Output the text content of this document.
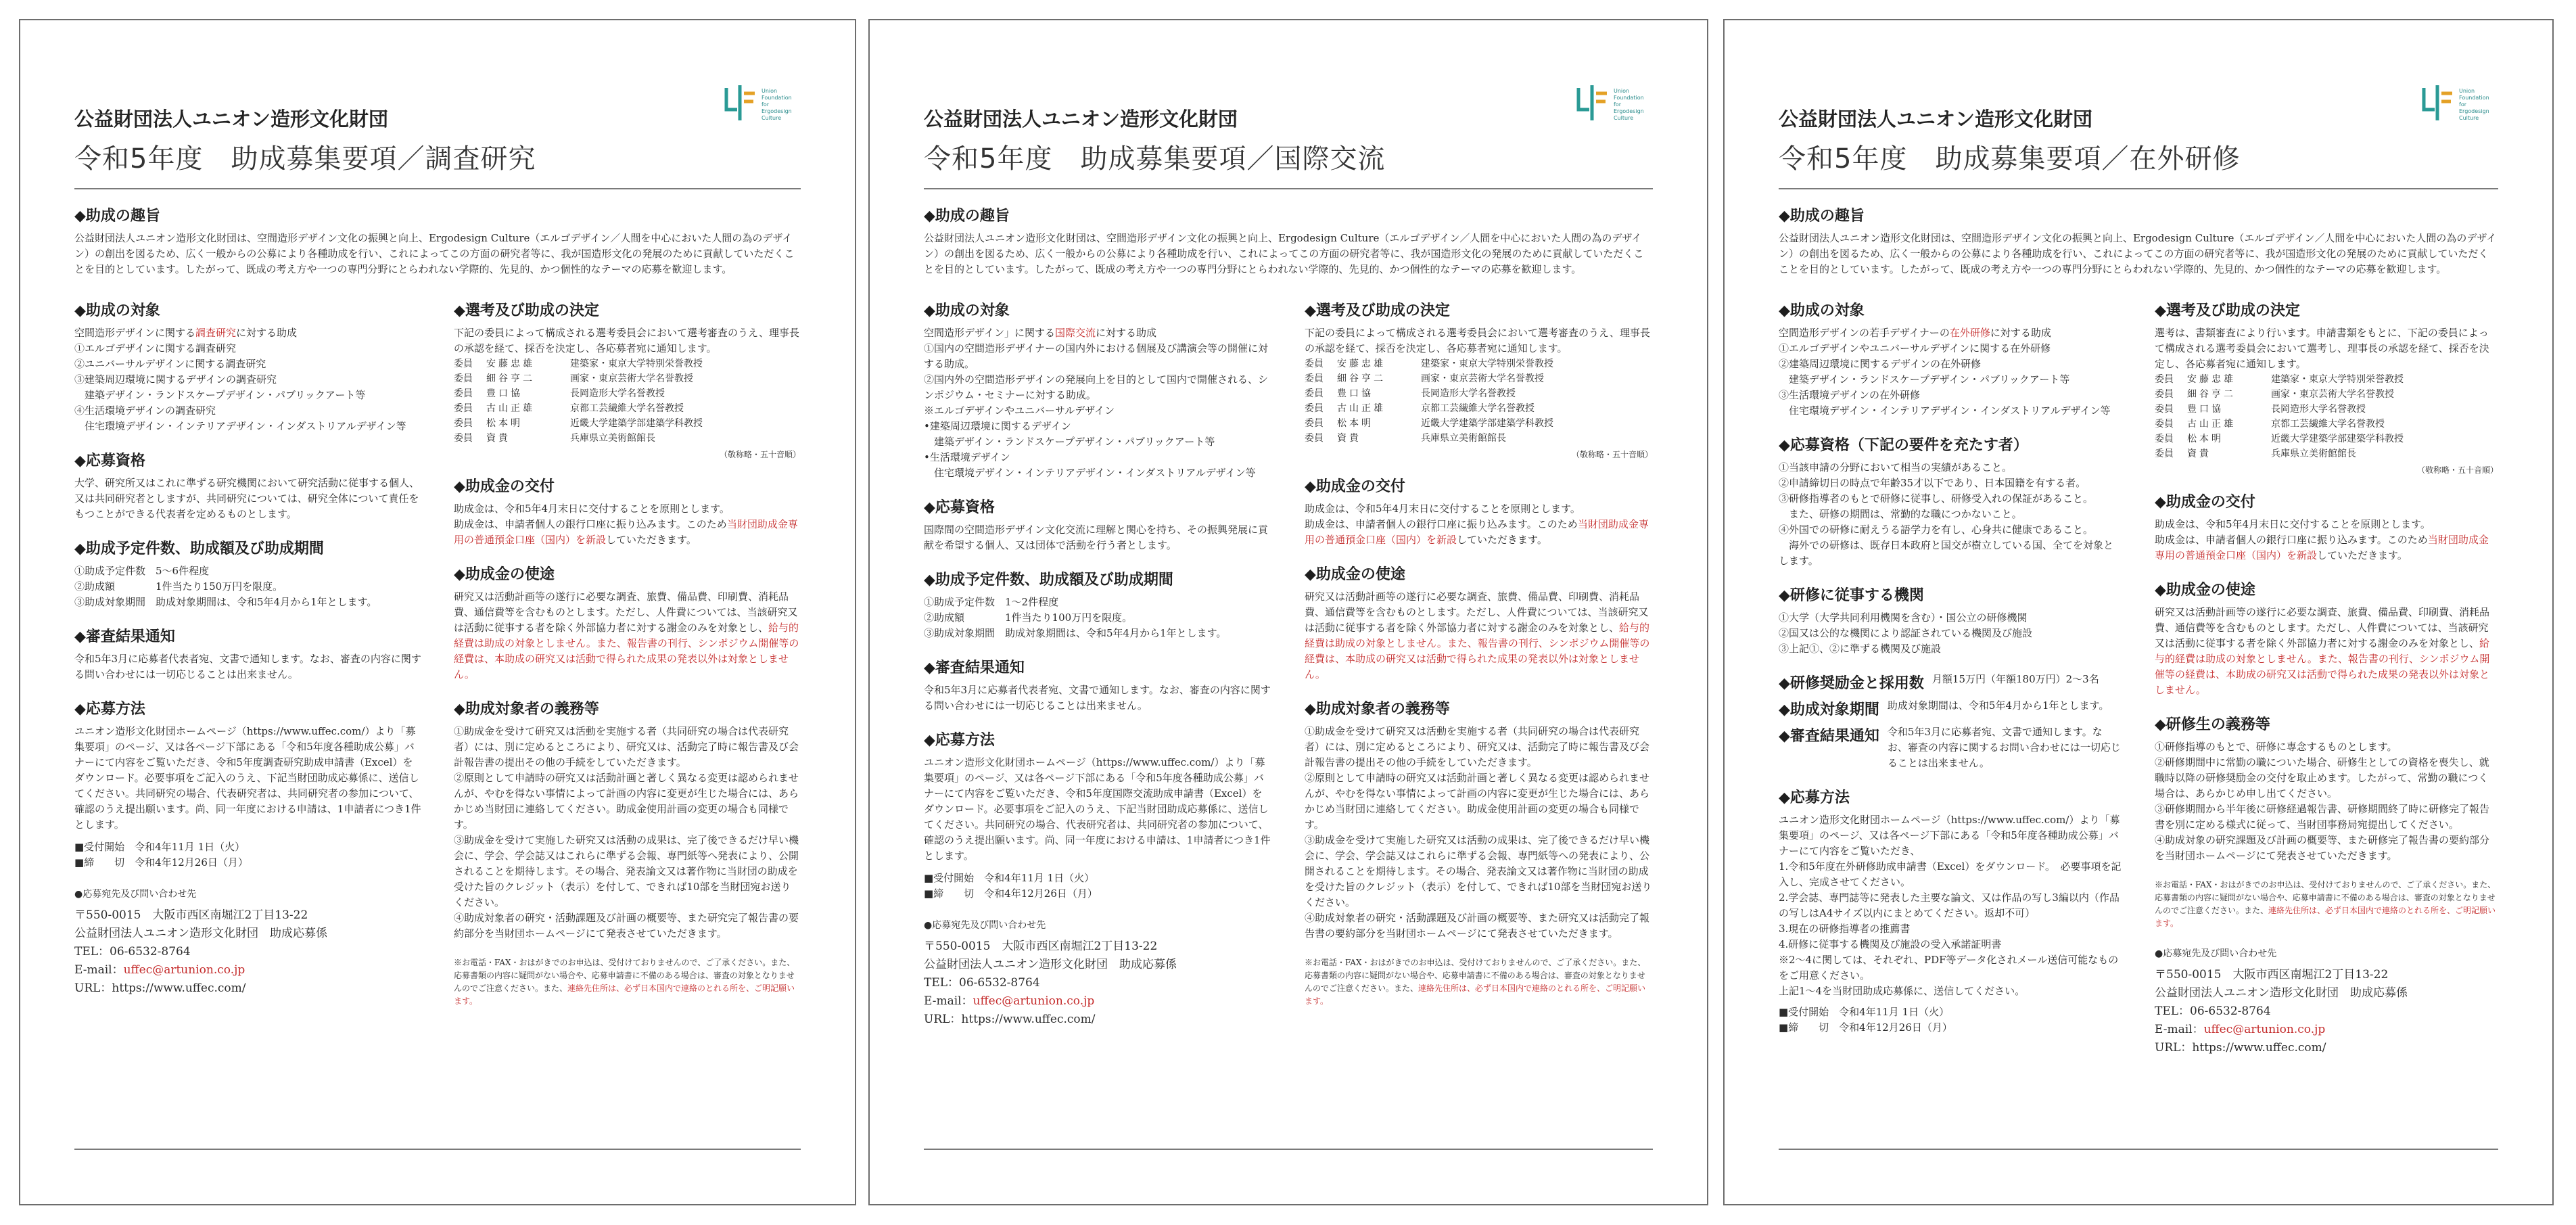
Union
Foundation
for
Ergodesign
Culture
公益財団法人ユニオン造形文化財団
令和5年度　助成募集要項／調査研究
◆助成の趣旨

公益財団法人ユニオン造形文化財団は、空間造形デザイン文化の振興と向上、Ergodesign Culture（エルゴデザイン／人間を中心においた人間の為のデザイン）の創出を図るため、広く一般からの公募により各種助成を行い、これによってこの方面の研究者等に、我が国造形文化の発展のために貢献していただくことを目的としています。したがって、既成の考え方や一つの専門分野にとらわれない学際的、先見的、かつ個性的なテーマの応募を歓迎します。

◆助成の対象

空間造形デザインに関する調査研究に対する助成

①エルゴデザインに関する調査研究
②ユニバーサルデザインに関する調査研究
③建築周辺環境に関するデザインの調査研究
　建築デザイン・ランドスケープデザイン・パブリックアート等
④生活環境デザインの調査研究
　住宅環境デザイン・インテリアデザイン・インダストリアルデザイン等
◆応募資格

大学、研究所又はこれに準ずる研究機関において研究活動に従事する個人、又は共同研究者としますが、共同研究については、研究全体について責任をもつことができる代表者を定めるものとします。

◆助成予定件数、助成額及び助成期間
①助成予定件数　5〜6件程度
②助成額　　　　1件当たり150万円を限度。
③助成対象期間　助成対象期間は、令和5年4月から1年とします。
◆審査結果通知

令和5年3月に応募者代表者宛、文書で通知します。なお、審査の内容に関する問い合わせには一切応じることは出来ません。

◆応募方法

ユニオン造形文化財団ホームページ（https://www.uffec.com/）より「募集要項」のページ、又は各ページ下部にある「令和5年度各種助成公募」バナーにて内容をご覧いただき、令和5年度調査研究助成申請書（Excel）をダウンロード。必要事項をご記入のうえ、下記当財団助成応募係に、送信してください。共同研究の場合、代表研究者は、共同研究者の参加について、確認のうえ提出願います。尚、同一年度における申請は、1申請者につき1件とします。

■受付開始　令和4年11月 1日（火）

■締　　切　令和4年12月26日（月）

●応募宛先及び問い合わせ先

〒550-0015　大阪市西区南堀江2丁目13-22

公益財団法人ユニオン造形文化財団　助成応募係

TEL：06-6532-8764

E-mail：uffec@artunion.co.jp

URL：https://www.uffec.com/

◆選考及び助成の決定

下記の委員によって構成される選考委員会において選考審査のうえ、理事長の承認を経て、採否を決定し、各応募者宛に通知します。

委員	安藤忠雄	建築家・東京大学特別栄誉教授
委員	細谷亨二	画家・東京芸術大学名誉教授
委員	豊口協	長岡造形大学名誉教授
委員	古山正雄	京都工芸繊維大学名誉教授
委員	松本明	近畿大学建築学部建築学科教授
委員	資貴	兵庫県立美術館館長
（敬称略・五十音順）
◆助成金の交付

助成金は、令和5年4月末日に交付することを原則とします。

助成金は、申請者個人の銀行口座に振り込みます。このため当財団助成金専用の普通預金口座（国内）を新設していただきます。

◆助成金の使途

研究又は活動計画等の遂行に必要な調査、旅費、備品費、印刷費、消耗品費、通信費等を含むものとします。ただし、人件費については、当該研究又は活動に従事する者を除く外部協力者に対する謝金のみを対象とし、給与的経費は助成の対象としません。また、報告書の刊行、シンポジウム開催等の経費は、本助成の研究又は活動で得られた成果の発表以外は対象としません。

◆助成対象者の義務等
①助成金を受けて研究又は活動を実施する者（共同研究の場合は代表研究者）には、別に定めるところにより、研究又は、活動完了時に報告書及び会計報告書の提出その他の手続をしていただきます。
②原則として申請時の研究又は活動計画と著しく異なる変更は認められませんが、やむを得ない事情によって計画の内容に変更が生じた場合には、あらかじめ当財団に連絡してください。助成金使用計画の変更の場合も同様です。
③助成金を受けて実施した研究又は活動の成果は、完了後できるだけ早い機会に、学会、学会誌又はこれらに準ずる会報、専門紙等へ発表により、公開されることを期待します。その場合、発表論文又は著作物に当財団の助成を受けた旨のクレジット（表示）を付して、できれば10部を当財団宛お送りください。
④助成対象者の研究・活動課題及び計画の概要等、また研究完了報告書の要約部分を当財団ホームページにて発表させていただきます。
※お電話・FAX・おはがきでのお申込は、受付けておりませんので、ご了承ください。また、応募書類の内容に疑問がない場合や、応募申請書に不備のある場合は、審査の対象となりませんのでご注意ください。また、連絡先住所は、必ず日本国内で連絡のとれる所を、ご明記願います。
Union
Foundation
for
Ergodesign
Culture
公益財団法人ユニオン造形文化財団
令和5年度　助成募集要項／国際交流
◆助成の趣旨

公益財団法人ユニオン造形文化財団は、空間造形デザイン文化の振興と向上、Ergodesign Culture（エルゴデザイン／人間を中心においた人間の為のデザイン）の創出を図るため、広く一般からの公募により各種助成を行い、これによってこの方面の研究者等に、我が国造形文化の発展のために貢献していただくことを目的としています。したがって、既成の考え方や一つの専門分野にとらわれない学際的、先見的、かつ個性的なテーマの応募を歓迎します。

◆助成の対象

空間造形デザイン」に関する国際交流に対する助成

①国内の空間造形デザイナーの国内外における個展及び講演会等の開催に対する助成。
②国内外の空間造形デザインの発展向上を目的として国内で開催される、シンポジウム・セミナーに対する助成。
※エルゴデザインやユニバーサルデザイン
•建築周辺環境に関するデザイン
　建築デザイン・ランドスケープデザイン・パブリックアート等
•生活環境デザイン
　住宅環境デザイン・インテリアデザイン・インダストリアルデザイン等
◆応募資格

国際間の空間造形デザイン文化交流に理解と関心を持ち、その振興発展に貢献を希望する個人、又は団体で活動を行う者とします。

◆助成予定件数、助成額及び助成期間
①助成予定件数　1〜2件程度
②助成額　　　　1件当たり100万円を限度。
③助成対象期間　助成対象期間は、令和5年4月から1年とします。
◆審査結果通知

令和5年3月に応募者代表者宛、文書で通知します。なお、審査の内容に関する問い合わせには一切応じることは出来ません。

◆応募方法

ユニオン造形文化財団ホームページ（https://www.uffec.com/）より「募集要項」のページ、又は各ページ下部にある「令和5年度各種助成公募」バナーにて内容をご覧いただき、令和5年度国際交流助成申請書（Excel）をダウンロード。必要事項をご記入のうえ、下記当財団助成応募係に、送信してください。共同研究の場合、代表研究者は、共同研究者の参加について、確認のうえ提出願います。尚、同一年度における申請は、1申請者につき1件とします。

■受付開始　令和4年11月 1日（火）

■締　　切　令和4年12月26日（月）

●応募宛先及び問い合わせ先

〒550-0015　大阪市西区南堀江2丁目13-22

公益財団法人ユニオン造形文化財団　助成応募係

TEL：06-6532-8764

E-mail：uffec@artunion.co.jp

URL：https://www.uffec.com/

◆選考及び助成の決定

下記の委員によって構成される選考委員会において選考審査のうえ、理事長の承認を経て、採否を決定し、各応募者宛に通知します。

委員	安藤忠雄	建築家・東京大学特別栄誉教授
委員	細谷亨二	画家・東京芸術大学名誉教授
委員	豊口協	長岡造形大学名誉教授
委員	古山正雄	京都工芸繊維大学名誉教授
委員	松本明	近畿大学建築学部建築学科教授
委員	資貴	兵庫県立美術館館長
（敬称略・五十音順）
◆助成金の交付

助成金は、令和5年4月末日に交付することを原則とします。

助成金は、申請者個人の銀行口座に振り込みます。このため当財団助成金専用の普通預金口座（国内）を新設していただきます。

◆助成金の使途

研究又は活動計画等の遂行に必要な調査、旅費、備品費、印刷費、消耗品費、通信費等を含むものとします。ただし、人件費については、当該研究又は活動に従事する者を除く外部協力者に対する謝金のみを対象とし、給与的経費は助成の対象としません。また、報告書の刊行、シンポジウム開催等の経費は、本助成の研究又は活動で得られた成果の発表以外は対象としません。

◆助成対象者の義務等
①助成金を受けて研究又は活動を実施する者（共同研究の場合は代表研究者）には、別に定めるところにより、研究又は、活動完了時に報告書及び会計報告書の提出その他の手続をしていただきます。
②原則として申請時の研究又は活動計画と著しく異なる変更は認められませんが、やむを得ない事情によって計画の内容に変更が生じた場合には、あらかじめ当財団に連絡してください。助成金使用計画の変更の場合も同様です。
③助成金を受けて実施した研究又は活動の成果は、完了後できるだけ早い機会に、学会、学会誌又はこれらに準ずる会報、専門紙等への発表により、公開されることを期待します。その場合、発表論文又は著作物に当財団の助成を受けた旨のクレジット（表示）を付して、できれば10部を当財団宛お送りください。
④助成対象者の研究・活動課題及び計画の概要等、また研究又は活動完了報告書の要約部分を当財団ホームページにて発表させていただきます。
※お電話・FAX・おはがきでのお申込は、受付けておりませんので、ご了承ください。また、応募書類の内容に疑問がない場合や、応募申請書に不備のある場合は、審査の対象となりませんのでご注意ください。また、連絡先住所は、必ず日本国内で連絡のとれる所を、ご明記願います。
Union
Foundation
for
Ergodesign
Culture
公益財団法人ユニオン造形文化財団
令和5年度　助成募集要項／在外研修
◆助成の趣旨

公益財団法人ユニオン造形文化財団は、空間造形デザイン文化の振興と向上、Ergodesign Culture（エルゴデザイン／人間を中心においた人間の為のデザイン）の創出を図るため、広く一般からの公募により各種助成を行い、これによってこの方面の研究者等に、我が国造形文化の発展のために貢献していただくことを目的としています。したがって、既成の考え方や一つの専門分野にとらわれない学際的、先見的、かつ個性的なテーマの応募を歓迎します。

◆助成の対象

空間造形デザインの若手デザイナーの在外研修に対する助成

①エルゴデザインやユニバーサルデザインに関する在外研修
②建築周辺環境に関するデザインの在外研修
　建築デザイン・ランドスケープデザイン・パブリックアート等
③生活環境デザインの在外研修
　住宅環境デザイン・インテリアデザイン・インダストリアルデザイン等
◆応募資格（下記の要件を充たす者）
①当該申請の分野において相当の実績があること。
②申請締切日の時点で年齢35才以下であり、日本国籍を有する者。
③研修指導者のもとで研修に従事し、研修受入れの保証があること。
　また、研修の期間は、常勤的な職につかないこと。
④外国での研修に耐えうる語学力を有し、心身共に健康であること。
　海外での研修は、既存日本政府と国交が樹立している国、全てを対象とします。
◆研修に従事する機関
①大学（大学共同利用機関を含む）・国公立の研修機関
②国又は公的な機関により認証されている機関及び施設
③上記①、②に準ずる機関及び施設
◆研修奨励金と採用数 月額15万円（年額180万円）2〜3名

◆助成対象期間 助成対象期間は、令和5年4月から1年とします。

◆審査結果通知 令和5年3月に応募者宛、文書で通知します。なお、審査の内容に関するお問い合わせには一切応じることは出来ません。

◆応募方法

ユニオン造形文化財団ホームページ（https://www.uffec.com/）より「募集要項」のページ、又は各ページ下部にある「令和5年度各種助成公募」バナーにて内容をご覧いただき、

1.令和5年度在外研修助成申請書（Excel）をダウンロード。　必要事項を記入し、完成させてください。
2.学会誌、専門誌等に発表した主要な論文、又は作品の写し3編以内（作品の写しはA4サイズ以内にまとめてください。返却不可）
3.現在の研修指導者の推薦書
4.研修に従事する機関及び施設の受入承諾証明書
※2〜4に関しては、それぞれ、PDF等データ化されメール送信可能なものをご用意ください。
上記1〜4を当財団助成応募係に、送信してください。

■受付開始　令和4年11月 1日（火）

■締　　切　令和4年12月26日（月）

◆選考及び助成の決定

選考は、書類審査により行います。申請書類をもとに、下記の委員によって構成される選考委員会において選考し、理事長の承認を経て、採否を決定し、各応募者宛に通知します。

委員	安藤忠雄	建築家・東京大学特別栄誉教授
委員	細谷亨二	画家・東京芸術大学名誉教授
委員	豊口協	長岡造形大学名誉教授
委員	古山正雄	京都工芸繊維大学名誉教授
委員	松本明	近畿大学建築学部建築学科教授
委員	資貴	兵庫県立美術館館長
（敬称略・五十音順）
◆助成金の交付

助成金は、令和5年4月末日に交付することを原則とします。

助成金は、申請者個人の銀行口座に振り込みます。このため当財団助成金専用の普通預金口座（国内）を新設していただきます。

◆助成金の使途

研究又は活動計画等の遂行に必要な調査、旅費、備品費、印刷費、消耗品費、通信費等を含むものとします。ただし、人件費については、当該研究又は活動に従事する者を除く外部協力者に対する謝金のみを対象とし、給与的経費は助成の対象としません。また、報告書の刊行、シンポジウム開催等の経費は、本助成の研究又は活動で得られた成果の発表以外は対象としません。

◆研修生の義務等
①研修指導のもとで、研修に専念するものとします。
②研修期間中に常勤の職についた場合、研修生としての資格を喪失し、就職時以降の研修奨励金の交付を取止めます。したがって、常勤の職につく場合は、あらかじめ申し出てください。
③研修期間から半年後に研修経過報告書、研修期間終了時に研修完了報告書を別に定める様式に従って、当財団事務局宛提出してください。
④助成対象の研究課題及び計画の概要等、また研修完了報告書の要約部分を当財団ホームページにて発表させていただきます。
※お電話・FAX・おはがきでのお申込は、受付けておりませんので、ご了承ください。また、応募書類の内容に疑問がない場合や、応募申請書に不備のある場合は、審査の対象となりませんのでご注意ください。また、連絡先住所は、必ず日本国内で連絡のとれる所を、ご明記願います。

●応募宛先及び問い合わせ先

〒550-0015　大阪市西区南堀江2丁目13-22

公益財団法人ユニオン造形文化財団　助成応募係

TEL：06-6532-8764

E-mail：uffec@artunion.co.jp

URL：https://www.uffec.com/
